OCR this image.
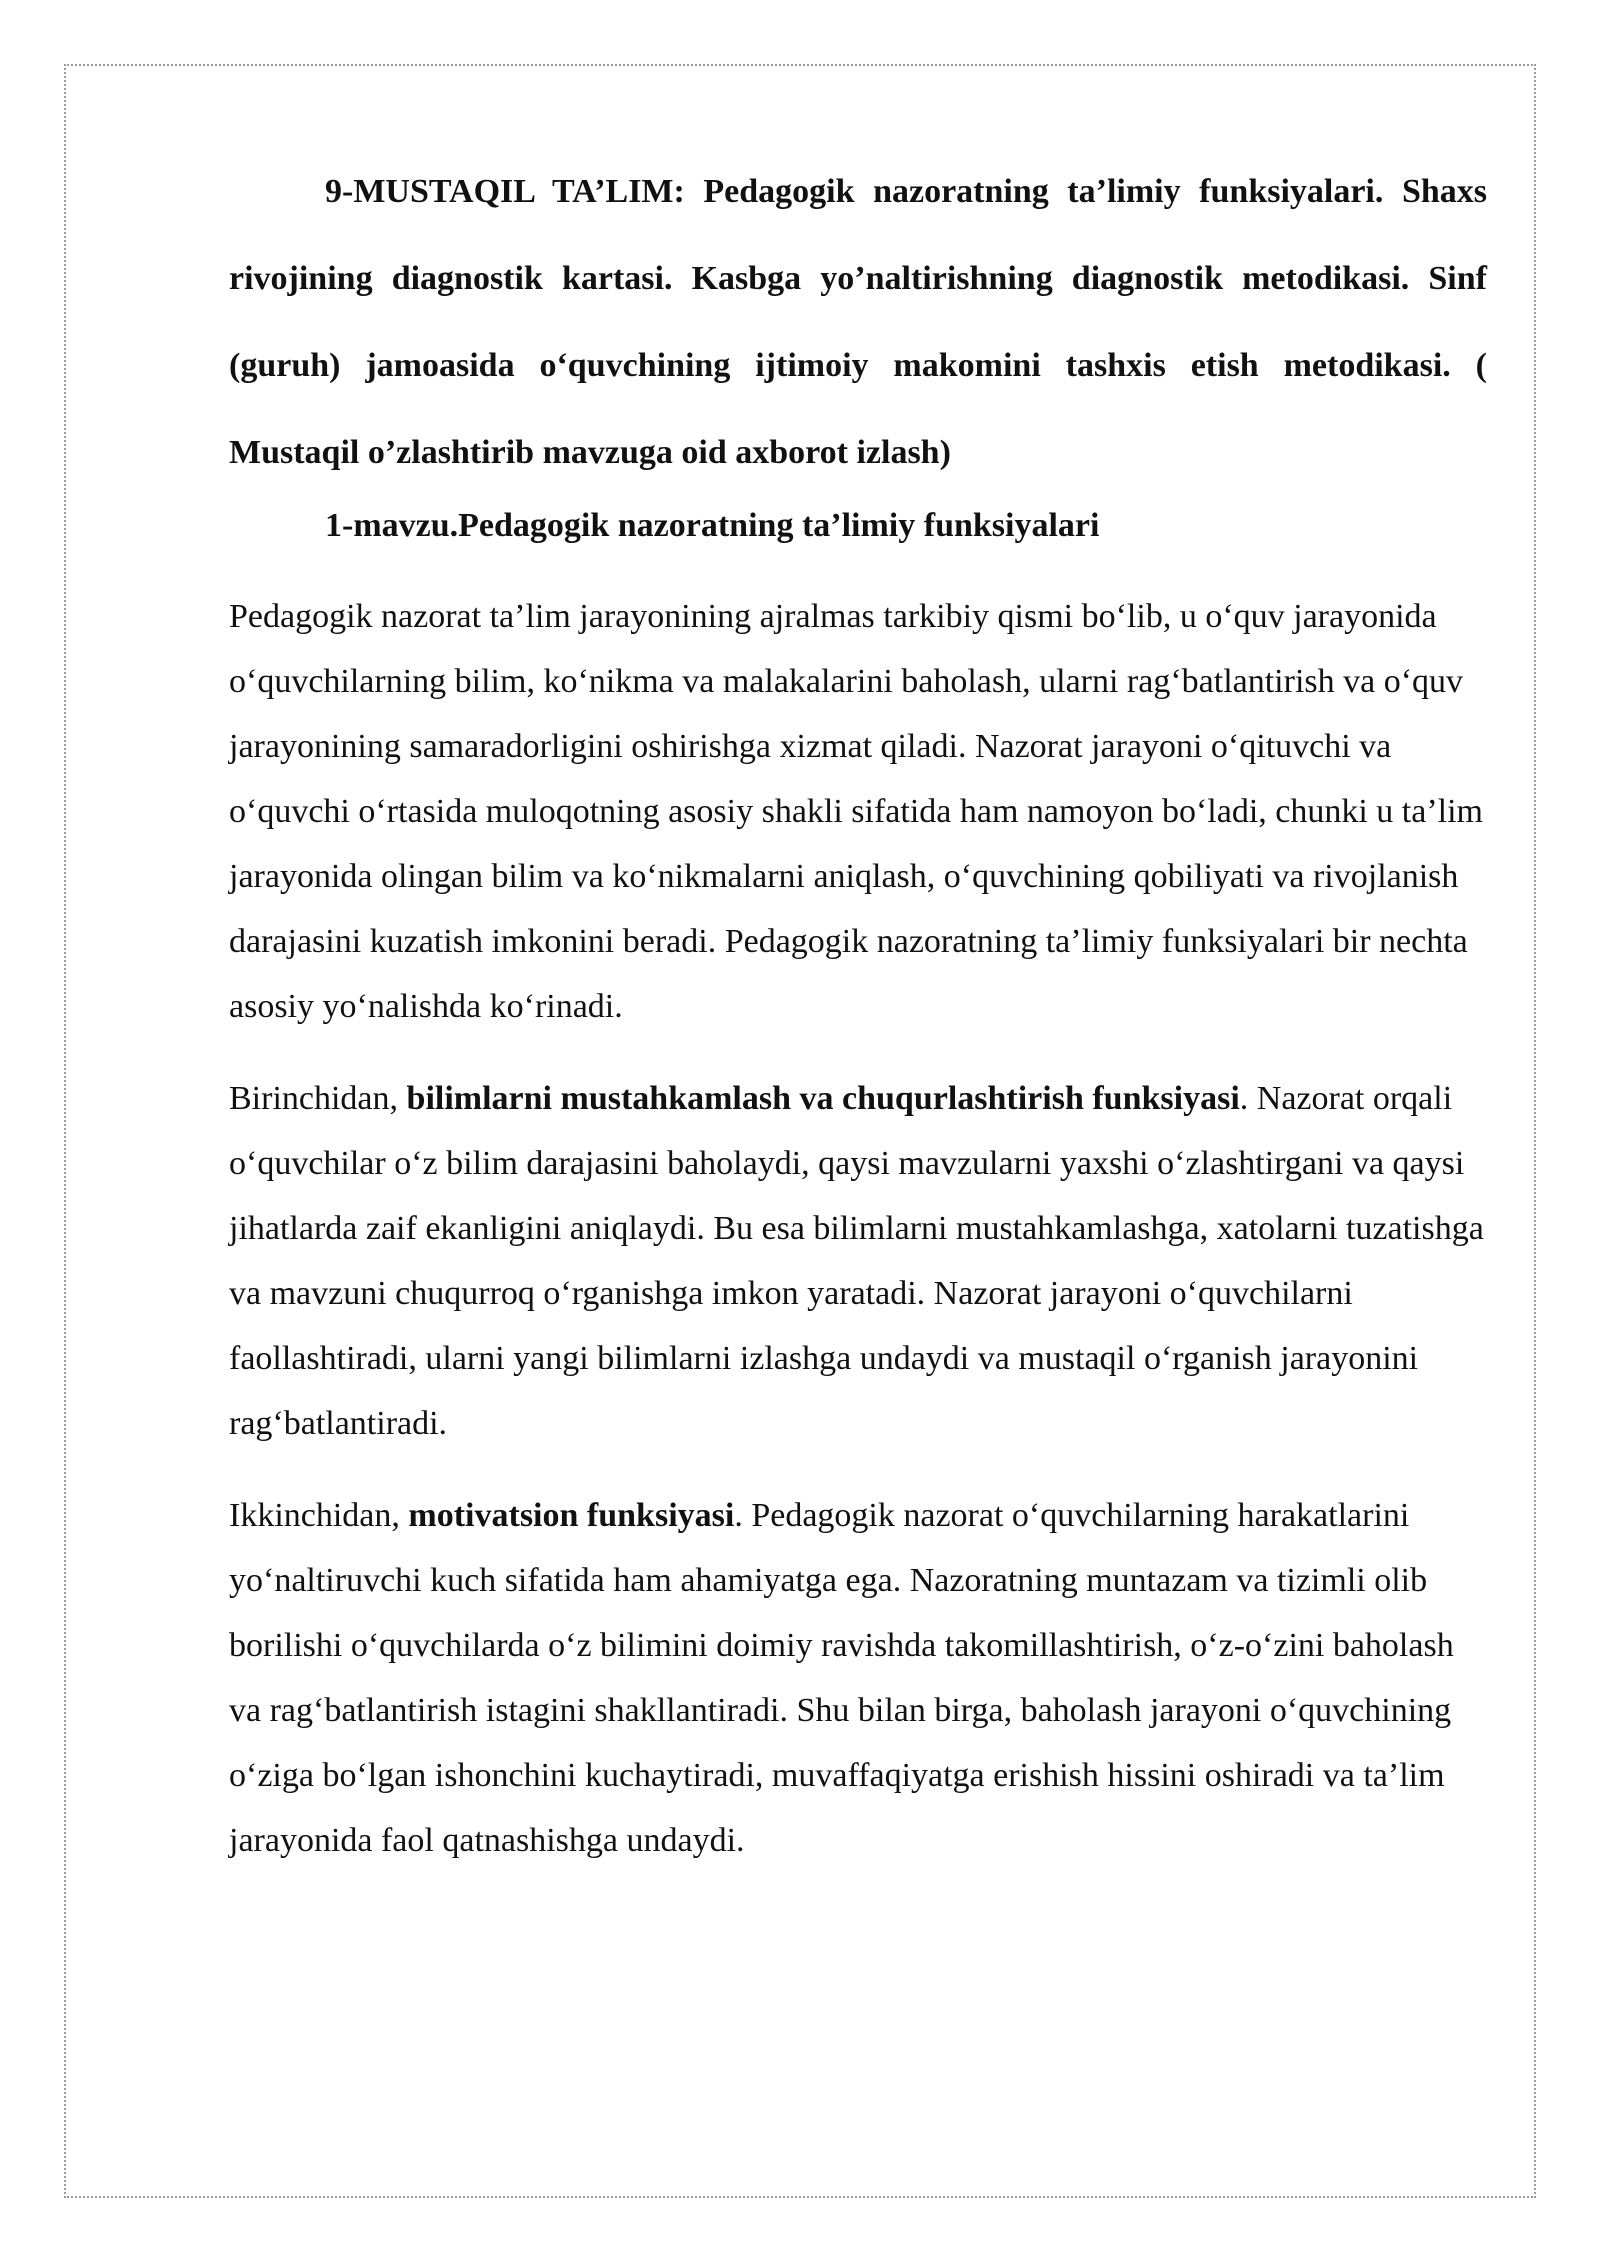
9-MUSTAQIL TA’LIM: Pedagogik nazoratning ta’limiy funksiyalari. Shaxs rivojining diagnostik kartasi. Kasbga yo’naltirishning diagnostik metodikasi. Sinf (guruh) jamoasida o‘quvchining ijtimoiy makomini tashxis etish metodikasi. ( Mustaqil o’zlashtirib mavzuga oid axborot izlash)

1-mavzu.Pedagogik nazoratning ta’limiy funksiyalari

Pedagogik nazorat ta’lim jarayonining ajralmas tarkibiy qismi bo‘lib, u o‘quv jarayonida o‘quvchilarning bilim, ko‘nikma va malakalarini baholash, ularni rag‘batlantirish va o‘quv jarayonining samaradorligini oshirishga xizmat qiladi. Nazorat jarayoni o‘qituvchi va o‘quvchi o‘rtasida muloqotning asosiy shakli sifatida ham namoyon bo‘ladi, chunki u ta’lim jarayonida olingan bilim va ko‘nikmalarni aniqlash, o‘quvchining qobiliyati va rivojlanish darajasini kuzatish imkonini beradi. Pedagogik nazoratning ta’limiy funksiyalari bir nechta asosiy yo‘nalishda ko‘rinadi.

Birinchidan, bilimlarni mustahkamlash va chuqurlashtirish funksiyasi. Nazorat orqali o‘quvchilar o‘z bilim darajasini baholaydi, qaysi mavzularni yaxshi o‘zlashtirgani va qaysi jihatlarda zaif ekanligini aniqlaydi. Bu esa bilimlarni mustahkamlashga, xatolarni tuzatishga va mavzuni chuqurroq o‘rganishga imkon yaratadi. Nazorat jarayoni o‘quvchilarni faollashtiradi, ularni yangi bilimlarni izlashga undaydi va mustaqil o‘rganish jarayonini rag‘batlantiradi.

Ikkinchidan, motivatsion funksiyasi. Pedagogik nazorat o‘quvchilarning harakatlarini yo‘naltiruvchi kuch sifatida ham ahamiyatga ega. Nazoratning muntazam va tizimli olib borilishi o‘quvchilarda o‘z bilimini doimiy ravishda takomillashtirish, o‘z-o‘zini baholash va rag‘batlantirish istagini shakllantiradi. Shu bilan birga, baholash jarayoni o‘quvchining o‘ziga bo‘lgan ishonchini kuchaytiradi, muvaffaqiyatga erishish hissini oshiradi va ta’lim jarayonida faol qatnashishga undaydi.
